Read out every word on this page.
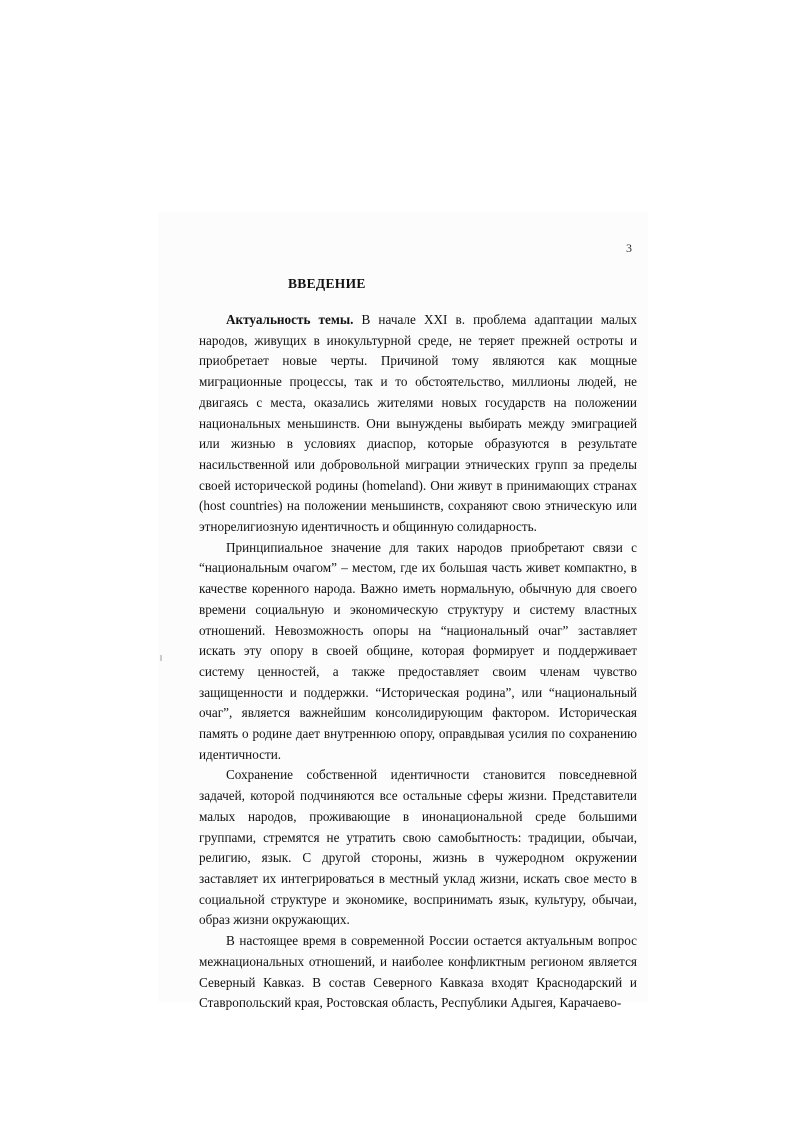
3
ВВЕДЕНИЕ

Актуальность темы. В начале XXI в. проблема адаптации малых народов, живущих в инокультурной среде, не теряет прежней остроты и приобретает новые черты. Причиной тому являются как мощные миграционные процессы, так и то обстоятельство, миллионы людей, не двигаясь с места, оказались жителями новых государств на положении национальных меньшинств. Они вынуждены выбирать между эмиграцией или жизнью в условиях диаспор, которые образуются в результате насильственной или добровольной миграции этнических групп за пределы своей исторической родины (homeland). Они живут в принимающих странах (host countries) на положении меньшинств, сохраняют свою этническую или этнорелигиозную идентичность и общинную солидарность.

Принципиальное значение для таких народов приобретают связи с “национальным очагом” – местом, где их большая часть живет компактно, в качестве коренного народа. Важно иметь нормальную, обычную для своего времени социальную и экономическую структуру и систему властных отношений. Невозможность опоры на “национальный очаг” заставляет искать эту опору в своей общине, которая формирует и поддерживает систему ценностей, а также предоставляет своим членам чувство защищенности и поддержки. “Историческая родина”, или “национальный очаг”, является важнейшим консолидирующим фактором. Историческая память о родине дает внутреннюю опору, оправдывая усилия по сохранению идентичности.

Сохранение собственной идентичности становится повседневной задачей, которой подчиняются все остальные сферы жизни. Представители малых народов, проживающие в инонациональной среде большими группами, стремятся не утратить свою самобытность: традиции, обычаи, религию, язык. С другой стороны, жизнь в чужеродном окружении заставляет их интегрироваться в местный уклад жизни, искать свое место в социальной структуре и экономике, воспринимать язык, культуру, обычаи, образ жизни окружающих.

В настоящее время в современной России остается актуальным вопрос межнациональных отношений, и наиболее конфликтным регионом является Северный Кавказ. В состав Северного Кавказа входят Краснодарский и Ставропольский края, Ростовская область, Республики Адыгея, Карачаево-
